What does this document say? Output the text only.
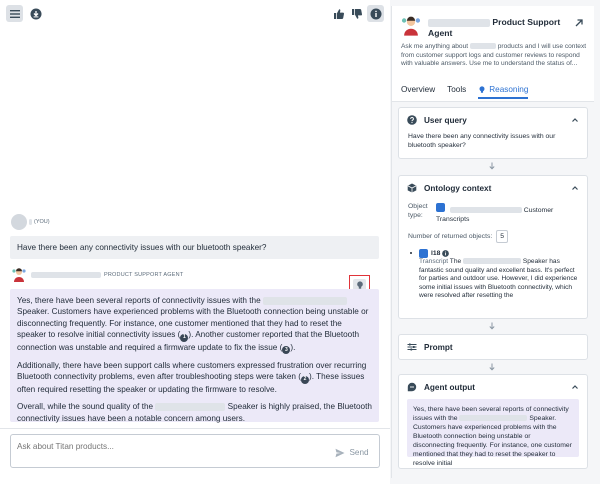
(YOU)
Have there been any connectivity issues with our bluetooth speaker?
PRODUCT SUPPORT AGENT

Yes, there have been several reports of connectivity issues with the  Speaker. Customers have experienced problems with the Bluetooth connection being unstable or disconnecting frequently. For instance, one customer mentioned that they had to reset the speaker to resolve initial connectivity issues ( 1 ). Another customer reported that the Bluetooth connection was unstable and required a firmware update to fix the issue ( 3 ).

Additionally, there have been support calls where customers expressed frustration over recurring Bluetooth connectivity problems, even after troubleshooting steps were taken ( 2 ). These issues often required resetting the speaker or updating the firmware to resolve.

Overall, while the sound quality of the	Speaker is highly praised, the Bluetooth connectivity issues have been a notable concern among users.

Ask about Titan products...
Send
Product Support
Agent
Ask me anything about	products and I will use context from customer support logs and customer reviews to respond with valuable answers. Use me to understand the status of...
Overview Tools	Reasoning
User query
Have there been any connectivity issues with our bluetooth speaker?
Ontology context
Object type:
Customer
Transcripts
Number of returned objects:	5
l18
Transcript The	Speaker has fantastic sound quality and excellent bass. It's perfect for parties and outdoor use. However, I did experience some initial issues with Bluetooth connectivity, which were resolved after resetting the
Prompt
Agent output
Yes, there have been several reports of connectivity issues with the	Speaker. Customers have experienced problems with the Bluetooth connection being unstable or disconnecting frequently. For instance, one customer mentioned that they had to reset the speaker to resolve initial
